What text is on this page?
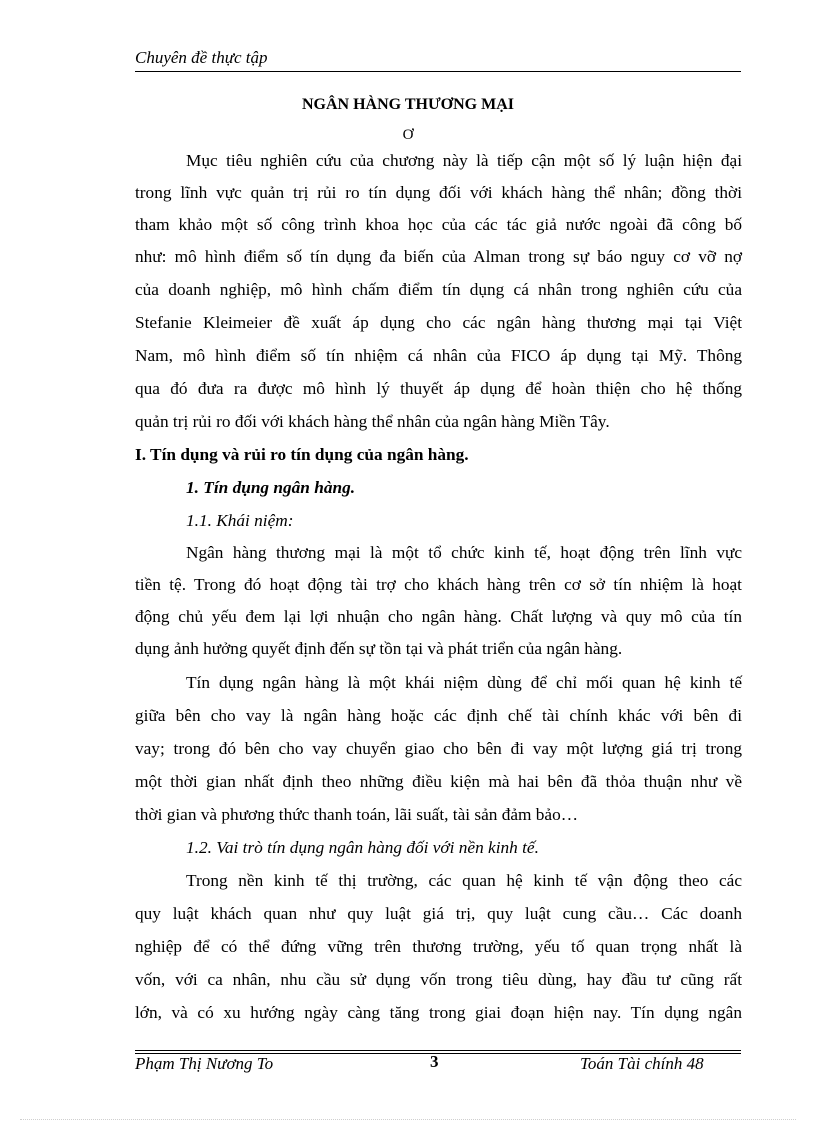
Chuyên đề thực tập
NGÂN HÀNG THƯƠNG MẠI
Ơ
Mục tiêu nghiên cứu của chương này là tiếp cận một số lý luận hiện đại
trong lĩnh vực quản trị rủi ro tín dụng đối với khách hàng thể nhân; đồng thời
tham khảo một số công trình khoa học của các tác giả nước ngoài đã công bố
như: mô hình điểm số tín dụng đa biến của Alman trong sự báo nguy cơ vỡ nợ
của doanh nghiệp, mô hình chấm điểm tín dụng cá nhân trong nghiên cứu của
Stefanie Kleimeier đề xuất áp dụng cho các ngân hàng thương mại tại Việt
Nam, mô hình điểm số tín nhiệm cá nhân của FICO áp dụng tại Mỹ. Thông
qua đó đưa ra được mô hình lý thuyết áp dụng để hoàn thiện cho hệ thống
quản trị rủi ro đối với khách hàng thể nhân của ngân hàng Miền Tây.
I. Tín dụng và rủi ro tín dụng của ngân hàng.
1. Tín dụng ngân hàng.
1.1. Khái niệm:
Ngân hàng thương mại là một tổ chức kinh tế, hoạt động trên lĩnh vực
tiền tệ. Trong đó hoạt động tài trợ cho khách hàng trên cơ sở tín nhiệm là hoạt
động chủ yếu đem lại lợi nhuận cho ngân hàng. Chất lượng và quy mô của tín
dụng ảnh hưởng quyết định đến sự tồn tại và phát triển của ngân hàng.
Tín dụng ngân hàng là một khái niệm dùng để chỉ mối quan hệ kinh tế
giữa bên cho vay là ngân hàng hoặc các định chế tài chính khác với bên đi
vay; trong đó bên cho vay chuyển giao cho bên đi vay một lượng giá trị trong
một thời gian nhất định theo những điều kiện mà hai bên đã thỏa thuận như về
thời gian và phương thức thanh toán, lãi suất, tài sản đảm bảo…
1.2. Vai trò tín dụng ngân hàng đối với nền kinh tế.
Trong nền kinh tế thị trường, các quan hệ kinh tế vận động theo các
quy luật khách quan như quy luật giá trị, quy luật cung cầu… Các doanh
nghiệp để có thể đứng vững trên thương trường, yếu tố quan trọng nhất là
vốn, với ca nhân, nhu cầu sử dụng vốn trong tiêu dùng, hay đầu tư cũng rất
lớn, và có xu hướng ngày càng tăng trong giai đoạn hiện nay. Tín dụng ngân
Phạm Thị Nương To	3	Toán Tài chính 48
